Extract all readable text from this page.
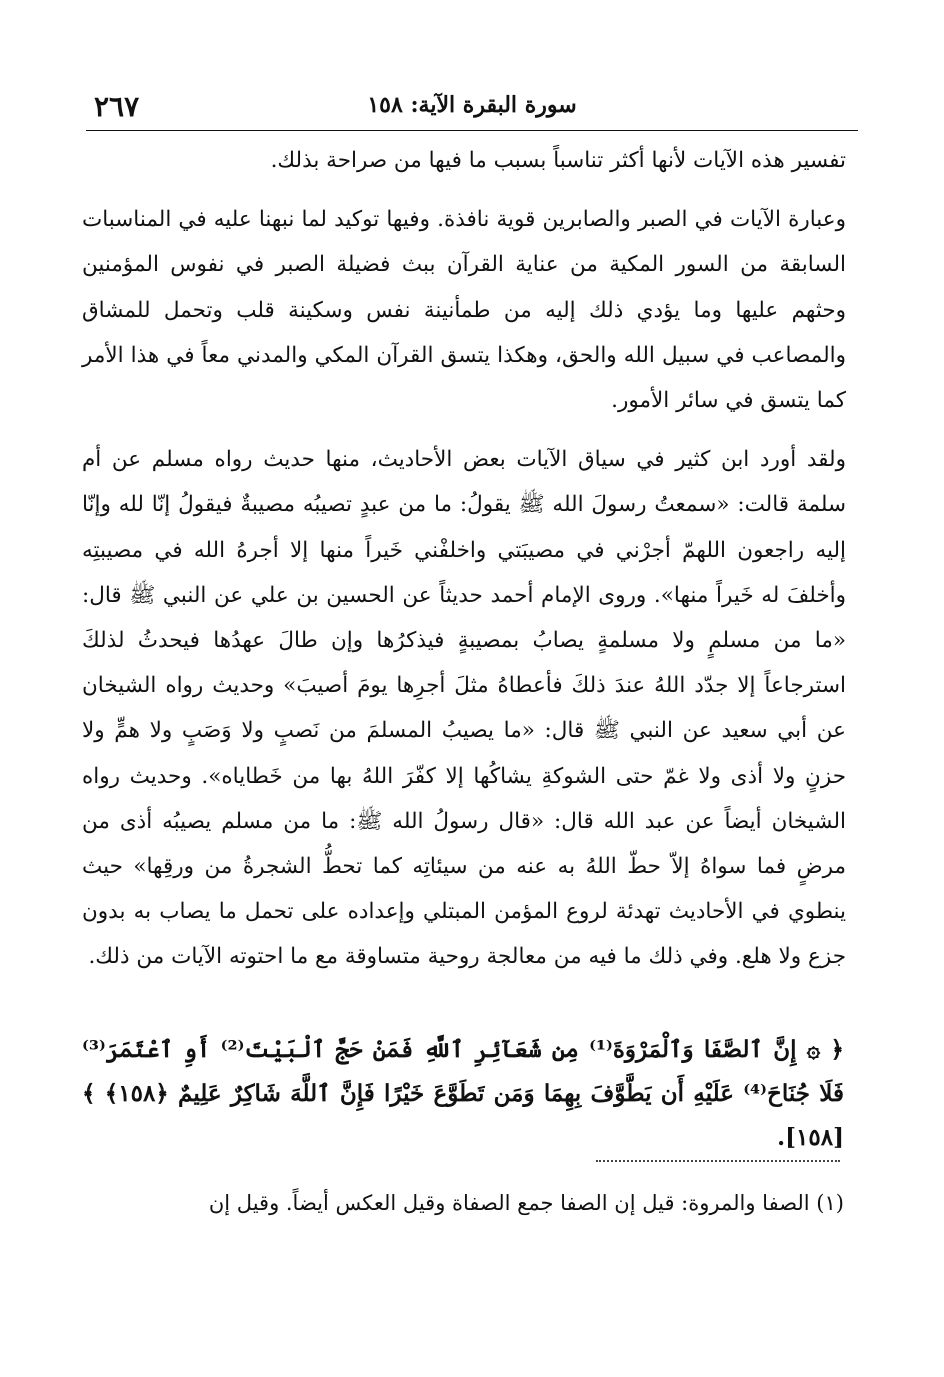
٢٦٧	سورة البقرة الآية: ١٥٨

تفسير هذه الآيات لأنها أكثر تناسباً بسبب ما فيها من صراحة بذلك.

وعبارة الآيات في الصبر والصابرين قوية نافذة. وفيها توكيد لما نبهنا عليه في المناسبات السابقة من السور المكية من عناية القرآن ببث فضيلة الصبر في نفوس المؤمنين وحثهم عليها وما يؤدي ذلك إليه من طمأنينة نفس وسكينة قلب وتحمل للمشاق والمصاعب في سبيل الله والحق، وهكذا يتسق القرآن المكي والمدني معاً في هذا الأمر كما يتسق في سائر الأمور.

ولقد أورد ابن كثير في سياق الآيات بعض الأحاديث، منها حديث رواه مسلم عن أم سلمة قالت: «سمعتُ رسولَ الله ﷺ يقولُ: ما من عبدٍ تصيبُه مصيبةٌ فيقولُ إنّا لله وإنّا إليه راجعون اللهمّ أجرْني في مصيبَتي واخلفْني خَيراً منها إلا أجرهُ الله في مصيبتِه وأخلفَ له خَيراً منها». وروى الإمام أحمد حديثاً عن الحسين بن علي عن النبي ﷺ قال: «ما من مسلمٍ ولا مسلمةٍ يصابُ بمصيبةٍ فيذكرُها وإن طالَ عهدُها فيحدثُ لذلكَ استرجاعاً إلا جدّد اللهُ عندَ ذلكَ فأعطاهُ مثلَ أجرِها يومَ أصيبَ» وحديث رواه الشيخان عن أبي سعيد عن النبي ﷺ قال: «ما يصيبُ المسلمَ من نَصبٍ ولا وَصَبٍ ولا همٍّ ولا حزنٍ ولا أذى ولا غمّ حتى الشوكةِ يشاكُها إلا كفّرَ اللهُ بها من خَطاياه». وحديث رواه الشيخان أيضاً عن عبد الله قال: «قال رسولُ الله ﷺ: ما من مسلم يصيبُه أذى من مرضٍ فما سواهُ إلاّ حطّ اللهُ به عنه من سيئاتِه كما تحطُّ الشجرةُ من ورقِها» حيث ينطوي في الأحاديث تهدئة لروع المؤمن المبتلي وإعداده على تحمل ما يصاب به بدون جزع ولا هلع. وفي ذلك ما فيه من معالجة روحية متساوقة مع ما احتوته الآيات من ذلك.

﴿ ۞ إِنَّ ٱلصَّفَا وَٱلْمَرْوَةَ⁽¹⁾ مِن شَعَآئِرِ ٱللَّهِ فَمَنْ حَجَّ ٱلْبَيْتَ⁽²⁾ أَوِ ٱعْتَمَرَ⁽³⁾ فَلَا جُنَاحَ⁽⁴⁾ عَلَيْهِ أَن يَطَّوَّفَ بِهِمَا وَمَن تَطَوَّعَ خَيْرًا فَإِنَّ ٱللَّهَ شَاكِرٌ عَلِيمٌ ﴿١٥٨﴾ ﴾ [١٥٨].
(١) الصفا والمروة: قيل إن الصفا جمع الصفاة وقيل العكس أيضاً. وقيل إن
